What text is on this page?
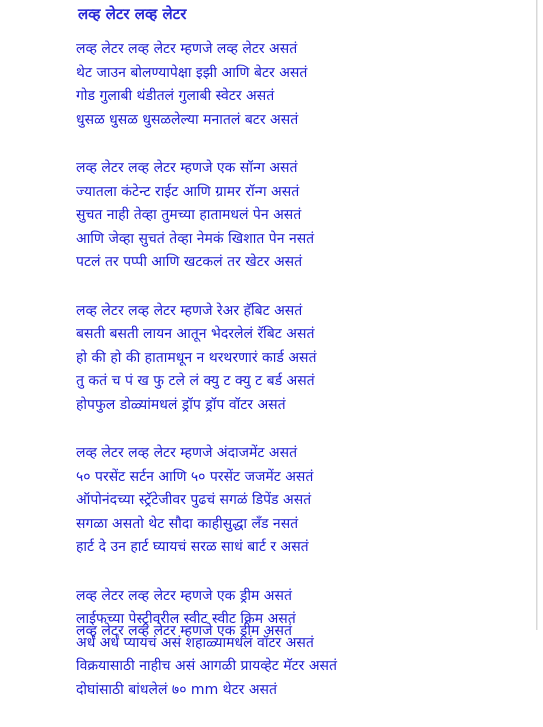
लव्ह लेटर लव्ह लेटर
लव्ह लेटर लव्ह लेटर म्हणजे लव्ह लेटर असतं
थेट जाउन बोलण्यापेक्षा इझी आणि बेटर असतं
गोड गुलाबी थंडीतलं गुलाबी स्वेटर असतं
धुसळ धुसळ धुसळलेल्या मनातलं बटर असतं
लव्ह लेटर लव्ह लेटर म्हणजे एक सॉन्ग असतं
ज्यातला कंटेन्ट राईट आणि ग्रामर रॉन्ग असतं
सुचत नाही तेव्हा तुमच्या हातामधलं पेन असतं
आणि जेव्हा सुचतं तेव्हा नेमकं खिशात पेन नसतं
पटलं तर पप्पी आणि खटकलं तर खेटर असतं
लव्ह लेटर लव्ह लेटर म्हणजे रेअर हॅबिट असतं
बसती बसती लायन आतून भेदरलेलं रॅबिट असतं
हो की हो की हातामधून न थरथरणारं कार्ड असतं
तु कतं च पं ख फु टले लं क्यु ट क्यु ट बर्ड असतं
होपफुल डोळ्यांमधलं ड्रॉप ड्रॉप वॉटर असतं
लव्ह लेटर लव्ह लेटर म्हणजे अंदाजमेंट असतं
५० परसेंट सर्टन आणि ५० परसेंट जजमेंट असतं
ऑपोनंदच्या स्ट्रॅटेजीवर पुढचं सगळं डिपेंड असतं
सगळा असतो थेट सौदा काहीसुद्धा लॅंड नसतं
हार्ट दे उन हार्ट घ्यायचं सरळ साधं बार्ट र असतं
लव्ह लेटर लव्ह लेटर म्हणजे एक ड्रीम असतं
लाईफच्या पेस्ट्रीवरील स्वीट स्वीट क्रिम असतं
अर्धं अर्धं प्यायचं असं शहाळ्यामधलं वॉटर असतं
विक्रयासाठी नाहीच असं आगळी प्रायव्हेट मॅटर असतं
दोघांसाठी बांधलेलं ७० mm थेटर असतं
लव्ह लेटर लव्ह लेटर म्हणजे एक ड्रीम असतं
